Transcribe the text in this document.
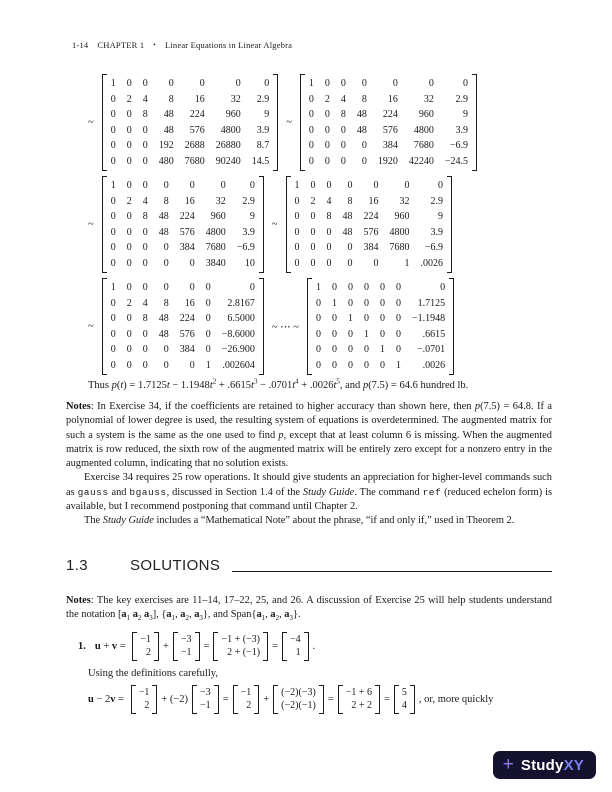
1-14 CHAPTER 1 • Linear Equations in Linear Algebra
~
1 0 0	0	0	0	0
0 2 4	8	16	32	2.9
0 0 8	48	224	960	9
0 0 0	48	576	4800	3.9
0 0 0 192 2688 26880	8.7
0 0 0 480 7680 90240 14.5
~
1 0 0	0	0	0	0
0 2 4	8	16	32	2.9
0 0 8 48	224	960	9
0 0 0 48	576	4800	3.9
0 0 0	0	384	7680	−6.9
0 0 0	0 1920 42240 −24.5
~
1 0 0	0	0	0	0
0 2 4	8	16	32	2.9
0 0 8 48 224	960	9
0 0 0 48 576 4800	3.9
0 0 0	0 384 7680 −6.9
0 0 0	0	0 3840	10
~
1 0 0	0	0	0	0
0 2 4	8	16	32	2.9
0 0 8 48 224	960	9
0 0 0 48 576 4800	3.9
0 0 0	0 384 7680	−6.9
0 0 0	0	0	1 .0026
~
1 0 0	0	0 0	0
0 2 4	8	16 0	2.8167
0 0 8 48 224 0	6.5000
0 0 0 48 576 0 −8.6000
0 0 0	0 384 0 −26.900
0 0 0	0	0 1 .002604
~ ⋯ ~
1 0 0 0 0 0	0
0 1 0 0 0 0	1.7125
0 0 1 0 0 0 −1.1948
0 0 0 1 0 0	.6615
0 0 0 0 1 0	−.0701
0 0 0 0 0 1	.0026
Thus $p(t) = 1.7125t - 1.1948t^2 + .6615t^3 - .0701t^4 + .0026t^5$, and p(7.5) = 64.6 hundred lb.

Notes: In Exercise 34, if the coefficients are retained to higher accuracy than shown here, then p(7.5) = 64.8. If a polynomial of lower degree is used, the resulting system of equations is overdetermined. The augmented matrix for such a system is the same as the one used to find p, except that at least column 6 is missing. When the augmented matrix is row reduced, the sixth row of the augmented matrix will be entirely zero except for a nonzero entry in the augmented column, indicating that no solution exists.

Exercise 34 requires 25 row operations. It should give students an appreciation for higher-level commands such as gauss and bgauss, discussed in Section 1.4 of the Study Guide. The command ref (reduced echelon form) is available, but I recommend postponing that command until Chapter 2.

The Study Guide includes a “Mathematical Note” about the phrase, “if and only if,” used in Theorem 2.

1.3	SOLUTIONS

Notes: The key exercises are 11–14, 17–22, 25, and 26. A discussion of Exercise 25 will help students understand the notation [$a_1$ $a_2$ $a_3$], {$a_1$, $a_2$, $a_3$}, and $Span\{a_1$, $a_2$, $a_3$}.

1. u + v =
−1
2 +
−3
−1 =
−1 + (−3)
2 + (−1) =
−4
1 .
Using the definitions carefully,
u − 2v =
−1
2 + (−2)
−3
−1 =
−1
2 +
(−2)(−3)
(−2)(−1) =
−1 + 6
2 + 2 =
5
4 , or, more quickly
+ StudyXY
